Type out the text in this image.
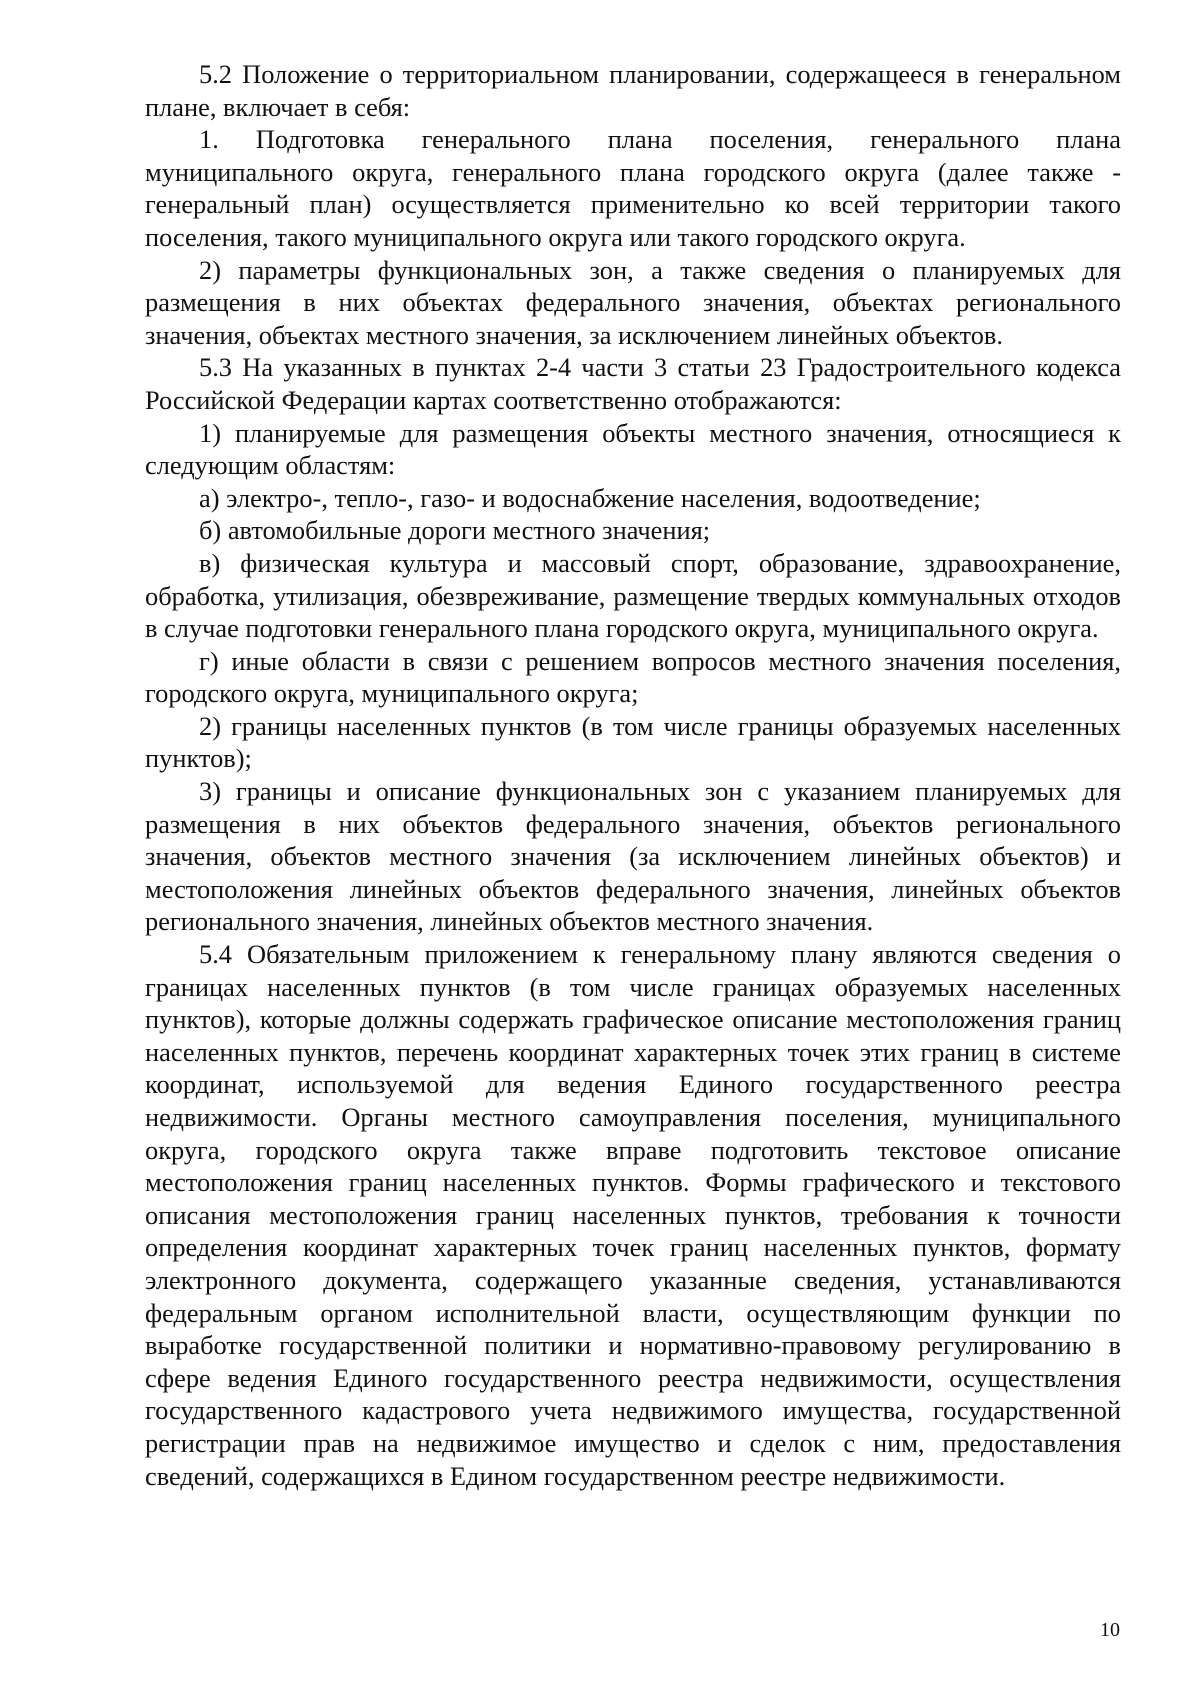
5.2 Положение о территориальном планировании, содержащееся в генеральном плане, включает в себя:

1. Подготовка генерального плана поселения, генерального плана муниципального округа, генерального плана городского округа (далее также - генеральный план) осуществляется применительно ко всей территории такого поселения, такого муниципального округа или такого городского округа.

2) параметры функциональных зон, а также сведения о планируемых для размещения в них объектах федерального значения, объектах регионального значения, объектах местного значения, за исключением линейных объектов.

5.3 На указанных в пунктах 2-4 части 3 статьи 23 Градостроительного кодекса Российской Федерации картах соответственно отображаются:

1) планируемые для размещения объекты местного значения, относящиеся к следующим областям:

а) электро-, тепло-, газо- и водоснабжение населения, водоотведение;

б) автомобильные дороги местного значения;

в) физическая культура и массовый спорт, образование, здравоохранение, обработка, утилизация, обезвреживание, размещение твердых коммунальных отходов в случае подготовки генерального плана городского округа, муниципального округа.

г) иные области в связи с решением вопросов местного значения поселения, городского округа, муниципального округа;

2) границы населенных пунктов (в том числе границы образуемых населенных пунктов);

3) границы и описание функциональных зон с указанием планируемых для размещения в них объектов федерального значения, объектов регионального значения, объектов местного значения (за исключением линейных объектов) и местоположения линейных объектов федерального значения, линейных объектов регионального значения, линейных объектов местного значения.

5.4 Обязательным приложением к генеральному плану являются сведения о границах населенных пунктов (в том числе границах образуемых населенных пунктов), которые должны содержать графическое описание местоположения границ населенных пунктов, перечень координат характерных точек этих границ в системе координат, используемой для ведения Единого государственного реестра недвижимости. Органы местного самоуправления поселения, муниципального округа, городского округа также вправе подготовить текстовое описание местоположения границ населенных пунктов. Формы графического и текстового описания местоположения границ населенных пунктов, требования к точности определения координат характерных точек границ населенных пунктов, формату электронного документа, содержащего указанные сведения, устанавливаются федеральным органом исполнительной власти, осуществляющим функции по выработке государственной политики и нормативно-правовому регулированию в сфере ведения Единого государственного реестра недвижимости, осуществления государственного кадастрового учета недвижимого имущества, государственной регистрации прав на недвижимое имущество и сделок с ним, предоставления сведений, содержащихся в Едином государственном реестре недвижимости.

10
